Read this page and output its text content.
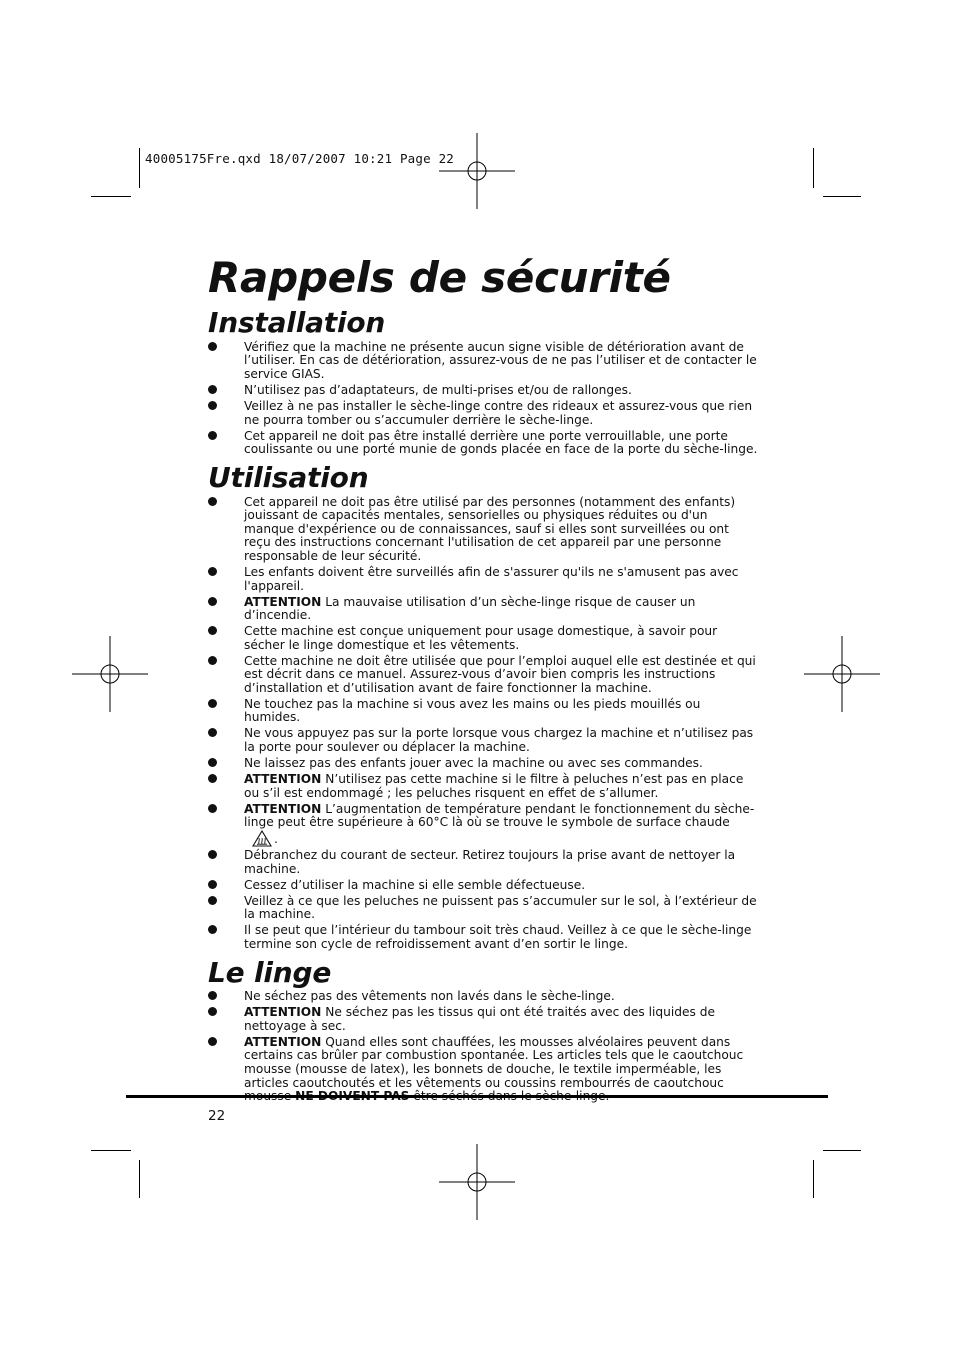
40005175Fre.qxd 18/07/2007 10:21 Page 22
Rappels de sécurité
Installation
Vérifiez que la machine ne présente aucun signe visible de détérioration avant de l’utiliser. En cas de détérioration, assurez-vous de ne pas l’utiliser et de contacter le service GIAS.
N’utilisez pas d’adaptateurs, de multi-prises et/ou de rallonges.
Veillez à ne pas installer le sèche-linge contre des rideaux et assurez-vous que rien ne pourra tomber ou s’accumuler derrière le sèche-linge.
Cet appareil ne doit pas être installé derrière une porte verrouillable, une porte coulissante ou une porté munie de gonds placée en face de la porte du sèche-linge.
Utilisation
Cet appareil ne doit pas être utilisé par des personnes (notamment des enfants) jouissant de capacités mentales, sensorielles ou physiques réduites ou d'un manque d'expérience ou de connaissances, sauf si elles sont surveillées ou ont reçu des instructions concernant l'utilisation de cet appareil par une personne responsable de leur sécurité.
Les enfants doivent être surveillés afin de s'assurer qu'ils ne s'amusent pas avec l'appareil.
ATTENTION La mauvaise utilisation d’un sèche-linge risque de causer un d’incendie.
Cette machine est conçue uniquement pour usage domestique, à savoir pour sécher le linge domestique et les vêtements.
Cette machine ne doit être utilisée que pour l’emploi auquel elle est destinée et qui est décrit dans ce manuel. Assurez-vous d’avoir bien compris les instructions d’installation et d’utilisation avant de faire fonctionner la machine.
Ne touchez pas la machine si vous avez les mains ou les pieds mouillés ou humides.
Ne vous appuyez pas sur la porte lorsque vous chargez la machine et n’utilisez pas la porte pour soulever ou déplacer la machine.
Ne laissez pas des enfants jouer avec la machine ou avec ses commandes.
ATTENTION N’utilisez pas cette machine si le filtre à peluches n’est pas en place ou s’il est endommagé ; les peluches risquent en effet de s’allumer.
ATTENTION L’augmentation de température pendant le fonctionnement du sèche-linge peut être supérieure à 60°C là où se trouve le symbole de surface chaude.
Débranchez du courant de secteur. Retirez toujours la prise avant de nettoyer la machine.
Cessez d’utiliser la machine si elle semble défectueuse.
Veillez à ce que les peluches ne puissent pas s’accumuler sur le sol, à l’extérieur de la machine.
Il se peut que l’intérieur du tambour soit très chaud. Veillez à ce que le sèche-linge termine son cycle de refroidissement avant d’en sortir le linge.
Le linge
Ne séchez pas des vêtements non lavés dans le sèche-linge.
ATTENTION Ne séchez pas les tissus qui ont été traités avec des liquides de nettoyage à sec.
ATTENTION Quand elles sont chauffées, les mousses alvéolaires peuvent dans certains cas brûler par combustion spontanée. Les articles tels que le caoutchouc mousse (mousse de latex), les bonnets de douche, le textile imperméable, les articles caoutchoutés et les vêtements ou coussins rembourrés de caoutchouc
22
